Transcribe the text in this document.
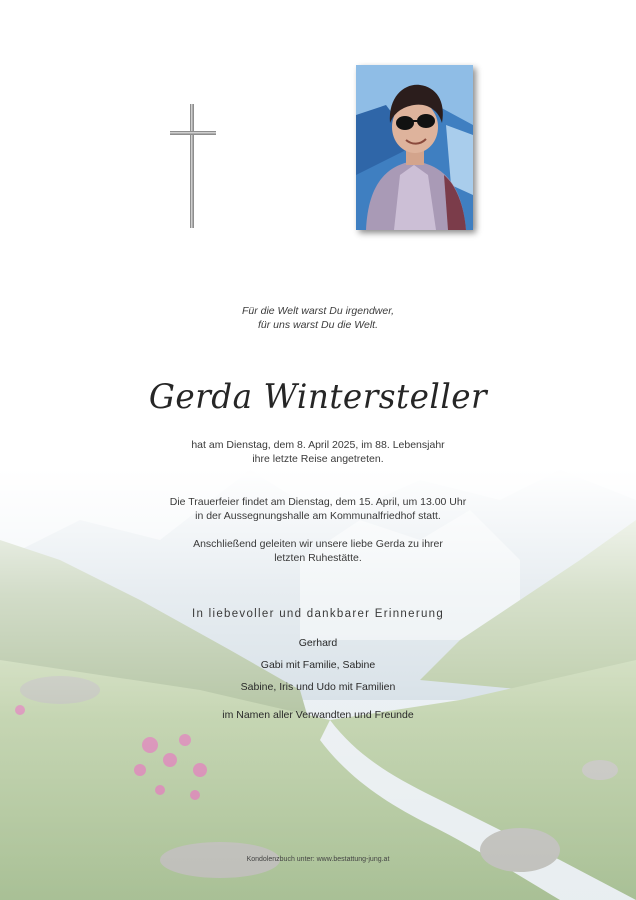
Für die Welt warst Du irgendwer,
für uns warst Du die Welt.
Gerda Wintersteller
hat am Dienstag, dem 8. April 2025, im 88. Lebensjahr
ihre letzte Reise angetreten.
Die Trauerfeier findet am Dienstag, dem 15. April, um 13.00 Uhr
in der Aussegnungshalle am Kommunalfriedhof statt.
Anschließend geleiten wir unsere liebe Gerda zu ihrer
letzten Ruhestätte.
In liebevoller und dankbarer Erinnerung
Gerhard
Gabi mit Familie, Sabine
Sabine, Iris und Udo mit Familien
im Namen aller Verwandten und Freunde
Kondolenzbuch unter: www.bestattung-jung.at
